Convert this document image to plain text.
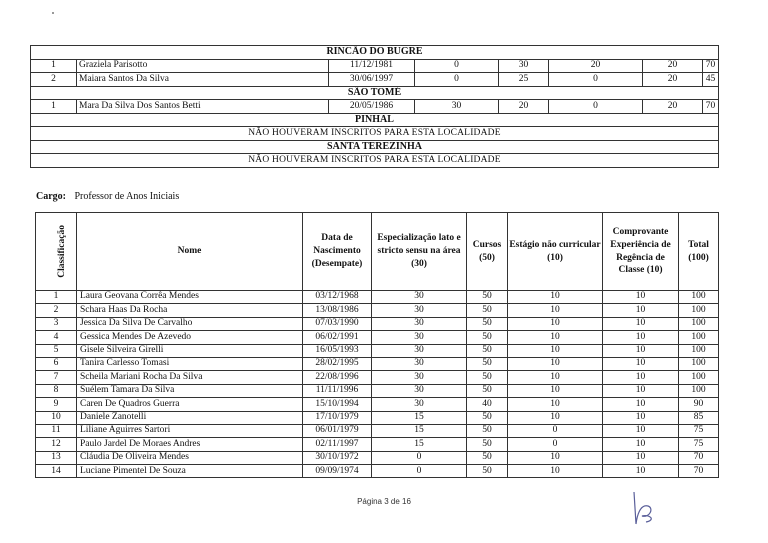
RINCÃO DO BUGRE							
1	Graziela Parisotto	11/12/1981	0	30	20	20	70
2	Maiara Santos Da Silva	30/06/1997	0	25	0	20	45
SÃO TOMÉ							
1	Mara Da Silva Dos Santos Betti	20/05/1986	30	20	0	20	70
PINHAL							
NÃO HOUVERAM INSCRITOS PARA ESTA LOCALIDADE							
SANTA TEREZINHA							
NÃO HOUVERAM INSCRITOS PARA ESTA LOCALIDADE							
Cargo: Professor de Anos Iniciais
Classificação	Nome	Data de Nascimento (Desempate)	Especialização lato e stricto sensu na área (30)	Cursos (50)	Estágio não curricular (10)	Comprovante Experiência de Regência de Classe (10)	Total (100)
1	Laura Geovana Corrêa Mendes	03/12/1968	30	50	10	10	100
2	Schara Haas Da Rocha	13/08/1986	30	50	10	10	100
3	Jessica Da Silva De Carvalho	07/03/1990	30	50	10	10	100
4	Gessica Mendes De Azevedo	06/02/1991	30	50	10	10	100
5	Gisele Silveira Girelli	16/05/1993	30	50	10	10	100
6	Tanira Carlesso Tomasi	28/02/1995	30	50	10	10	100
7	Scheila Mariani Rocha Da Silva	22/08/1996	30	50	10	10	100
8	Suélem Tamara Da Silva	11/11/1996	30	50	10	10	100
9	Caren De Quadros Guerra	15/10/1994	30	40	10	10	90
10	Daniele Zanotelli	17/10/1979	15	50	10	10	85
11	Liliane Aguirres Sartori	06/01/1979	15	50	0	10	75
12	Paulo Jardel De Moraes Andres	02/11/1997	15	50	0	10	75
13	Cláudia De Oliveira Mendes	30/10/1972	0	50	10	10	70
14	Luciane Pimentel De Souza	09/09/1974	0	50	10	10	70
Página 3 de 16
